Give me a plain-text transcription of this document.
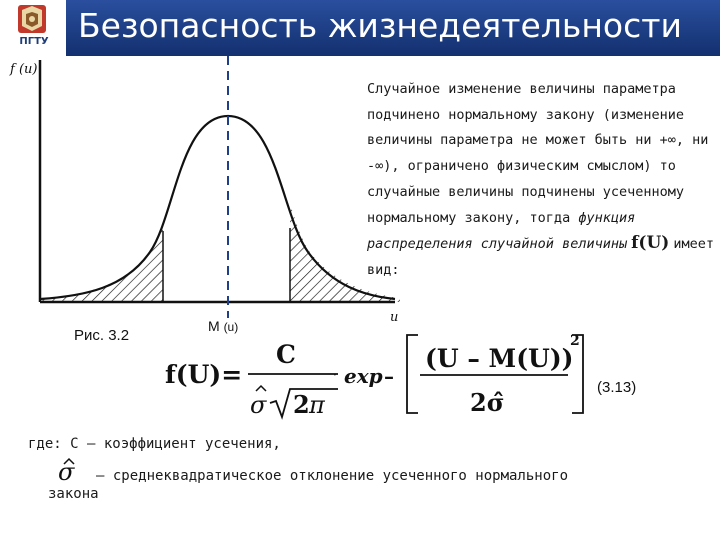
ПГТУ Безопасность жизнедеятельности
f (u)
u
M (u)
Рис. 3.2
Случайное изменение величины параметра подчинено нормальному закону (изменение величины параметра не может быть ни +∞, ни -∞), ограничено физическим смыслом) то случайные величины подчинены усеченному нормальному закону, тогда функция распределения случайной величины f(U) имеет вид:
f(U)=
C
σ 2 π
· exp –
(U – M(U))
2
2σ̂
(3.13)
где: С – коэффициент усечения,
σ – среднеквадратическое отклонение усеченного нормального
закона
